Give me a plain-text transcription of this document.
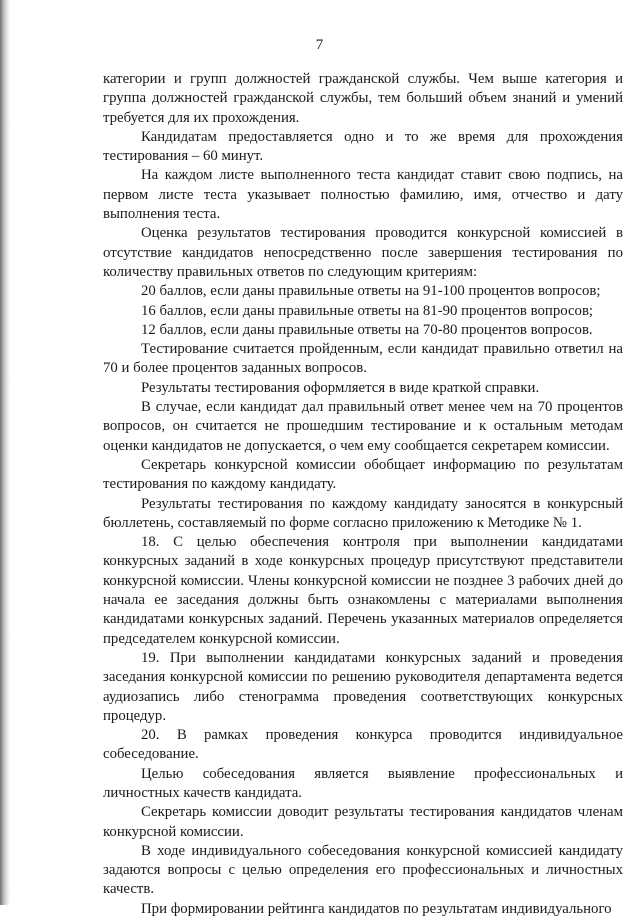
7

категории и групп должностей гражданской службы. Чем выше категория и группа должностей гражданской службы, тем больший объем знаний и умений требуется для их прохождения.

Кандидатам предоставляется одно и то же время для прохождения тестирования – 60 минут.

На каждом листе выполненного теста кандидат ставит свою подпись, на первом листе теста указывает полностью фамилию, имя, отчество и дату выполнения теста.

Оценка результатов тестирования проводится конкурсной комиссией в отсутствие кандидатов непосредственно после завершения тестирования по количеству правильных ответов по следующим критериям:

20 баллов, если даны правильные ответы на 91-100 процентов вопросов;

16 баллов, если даны правильные ответы на 81-90 процентов вопросов;

12 баллов, если даны правильные ответы на 70-80 процентов вопросов.

Тестирование считается пройденным, если кандидат правильно ответил на 70 и более процентов заданных вопросов.

Результаты тестирования оформляется в виде краткой справки.

В случае, если кандидат дал правильный ответ менее чем на 70 процентов вопросов, он считается не прошедшим тестирование и к остальным методам оценки кандидатов не допускается, о чем ему сообщается секретарем комиссии.

Секретарь конкурсной комиссии обобщает информацию по результатам тестирования по каждому кандидату.

Результаты тестирования по каждому кандидату заносятся в конкурсный бюллетень, составляемый по форме согласно приложению к Методике № 1.

18. С целью обеспечения контроля при выполнении кандидатами конкурсных заданий в ходе конкурсных процедур присутствуют представители конкурсной комиссии. Члены конкурсной комиссии не позднее 3 рабочих дней до начала ее заседания должны быть ознакомлены с материалами выполнения кандидатами конкурсных заданий. Перечень указанных материалов определяется председателем конкурсной комиссии.

19. При выполнении кандидатами конкурсных заданий и проведения заседания конкурсной комиссии по решению руководителя департамента ведется аудиозапись либо стенограмма проведения соответствующих конкурсных процедур.

20. В рамках проведения конкурса проводится индивидуальное собеседование.

Целью собеседования является выявление профессиональных и личностных качеств кандидата.

Секретарь комиссии доводит результаты тестирования кандидатов членам конкурсной комиссии.

В ходе индивидуального собеседования конкурсной комиссией кандидату задаются вопросы с целью определения его профессиональных и личностных качеств.

При формировании рейтинга кандидатов по результатам индивидуального
